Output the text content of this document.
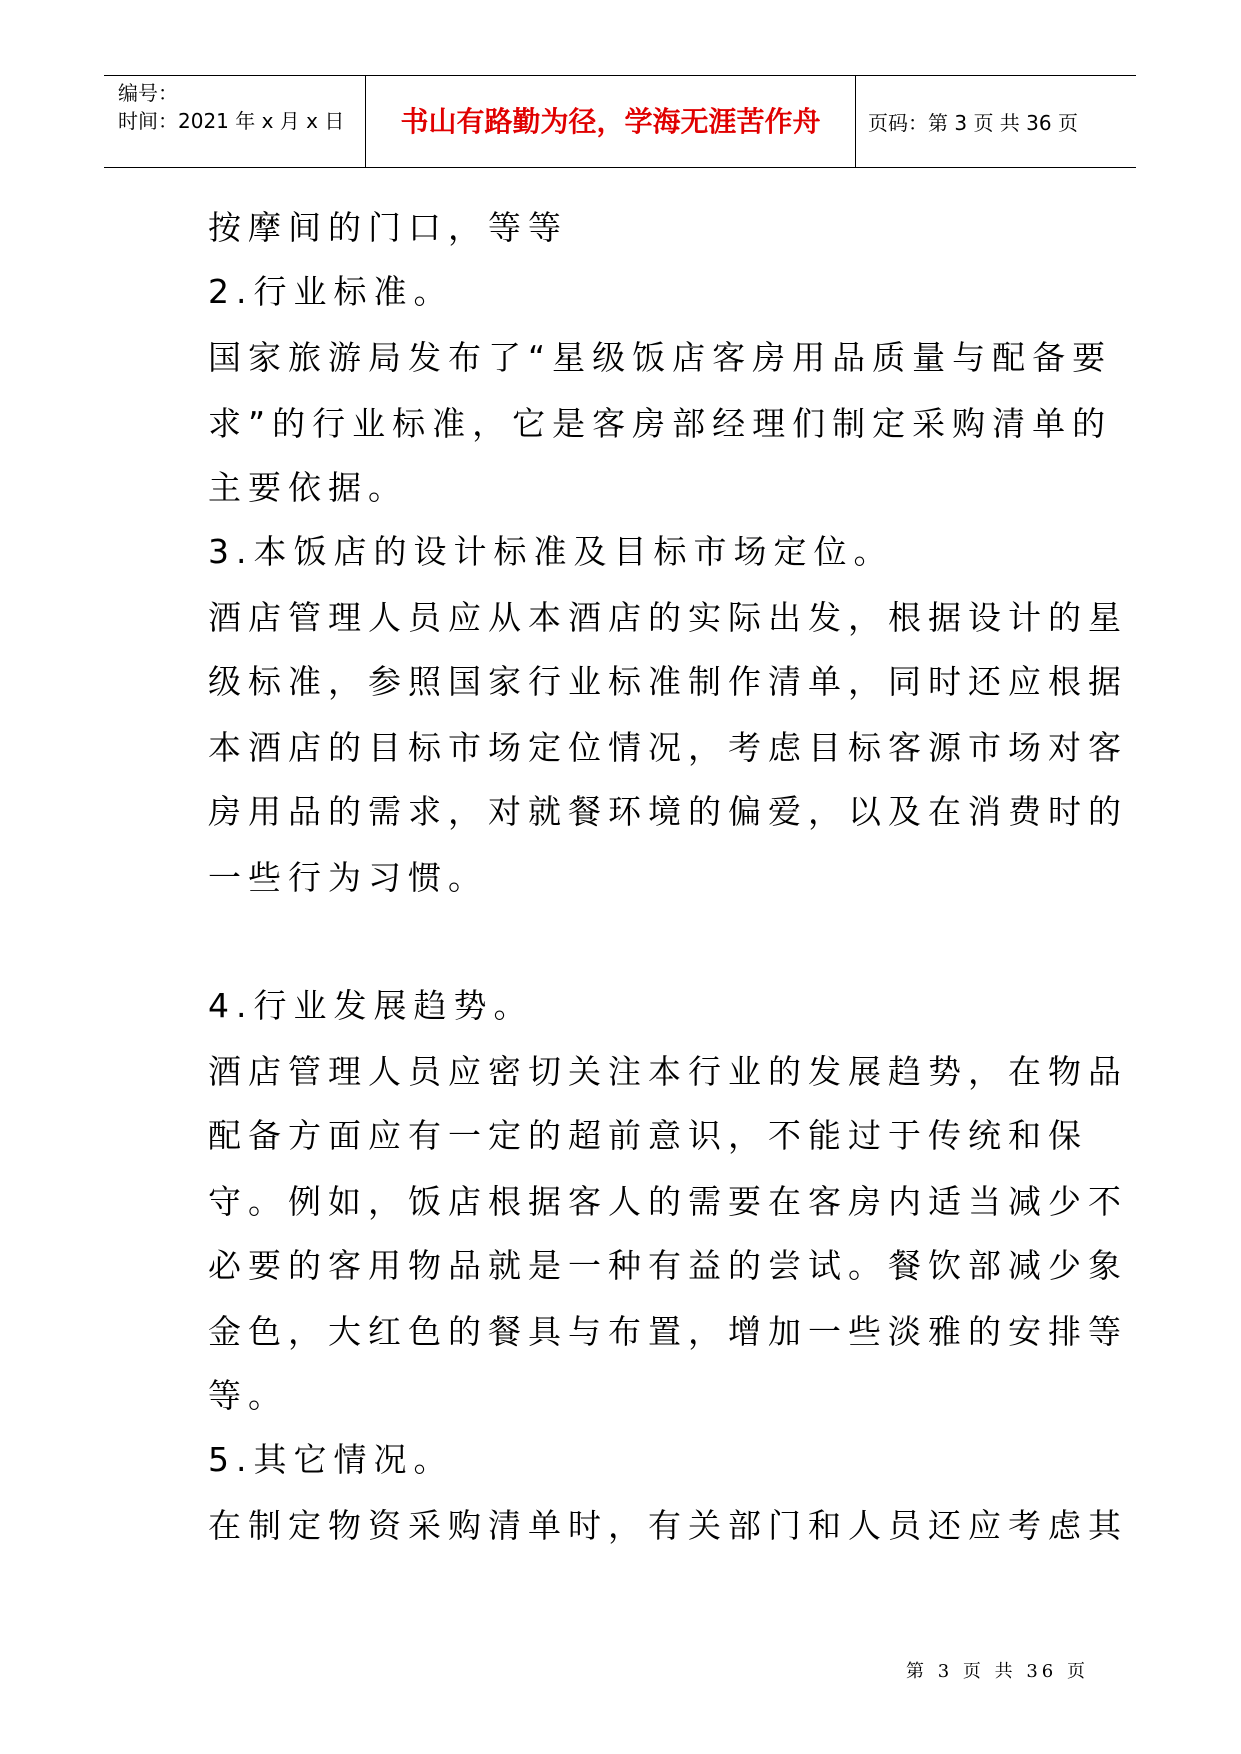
编号：
时间：2021 年 x 月 x 日	书山有路勤为径，学海无涯苦作舟	页码：第 3 页 共 36 页
按摩间的门口，等等
2.行业标准。
国家旅游局发布了“星级饭店客房用品质量与配备要
求”的行业标准，它是客房部经理们制定采购清单的
主要依据。
3.本饭店的设计标准及目标市场定位。
酒店管理人员应从本酒店的实际出发，根据设计的星
级标准，参照国家行业标准制作清单，同时还应根据
本酒店的目标市场定位情况，考虑目标客源市场对客
房用品的需求，对就餐环境的偏爱，以及在消费时的
一些行为习惯。
4.行业发展趋势。
酒店管理人员应密切关注本行业的发展趋势，在物品
配备方面应有一定的超前意识，不能过于传统和保
守。例如，饭店根据客人的需要在客房内适当减少不
必要的客用物品就是一种有益的尝试。餐饮部减少象
金色，大红色的餐具与布置，增加一些淡雅的安排等
等。
5.其它情况。
在制定物资采购清单时，有关部门和人员还应考虑其
第 3 页 共 36 页
